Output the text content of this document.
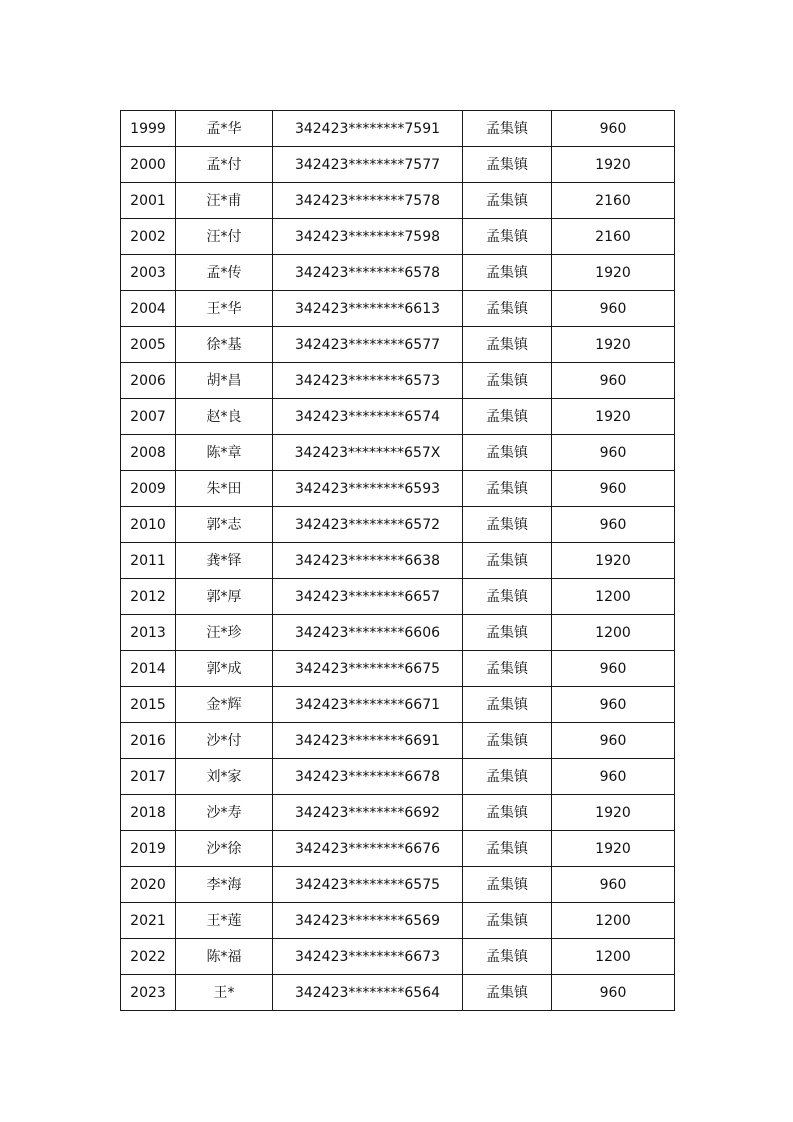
1999	孟*华	342423********7591	孟集镇	960
2000	孟*付	342423********7577	孟集镇	1920
2001	汪*甫	342423********7578	孟集镇	2160
2002	汪*付	342423********7598	孟集镇	2160
2003	孟*传	342423********6578	孟集镇	1920
2004	王*华	342423********6613	孟集镇	960
2005	徐*基	342423********6577	孟集镇	1920
2006	胡*昌	342423********6573	孟集镇	960
2007	赵*良	342423********6574	孟集镇	1920
2008	陈*章	342423********657X	孟集镇	960
2009	朱*田	342423********6593	孟集镇	960
2010	郭*志	342423********6572	孟集镇	960
2011	龚*铎	342423********6638	孟集镇	1920
2012	郭*厚	342423********6657	孟集镇	1200
2013	汪*珍	342423********6606	孟集镇	1200
2014	郭*成	342423********6675	孟集镇	960
2015	金*辉	342423********6671	孟集镇	960
2016	沙*付	342423********6691	孟集镇	960
2017	刘*家	342423********6678	孟集镇	960
2018	沙*寿	342423********6692	孟集镇	1920
2019	沙*徐	342423********6676	孟集镇	1920
2020	李*海	342423********6575	孟集镇	960
2021	王*莲	342423********6569	孟集镇	1200
2022	陈*福	342423********6673	孟集镇	1200
2023	王*	342423********6564	孟集镇	960
